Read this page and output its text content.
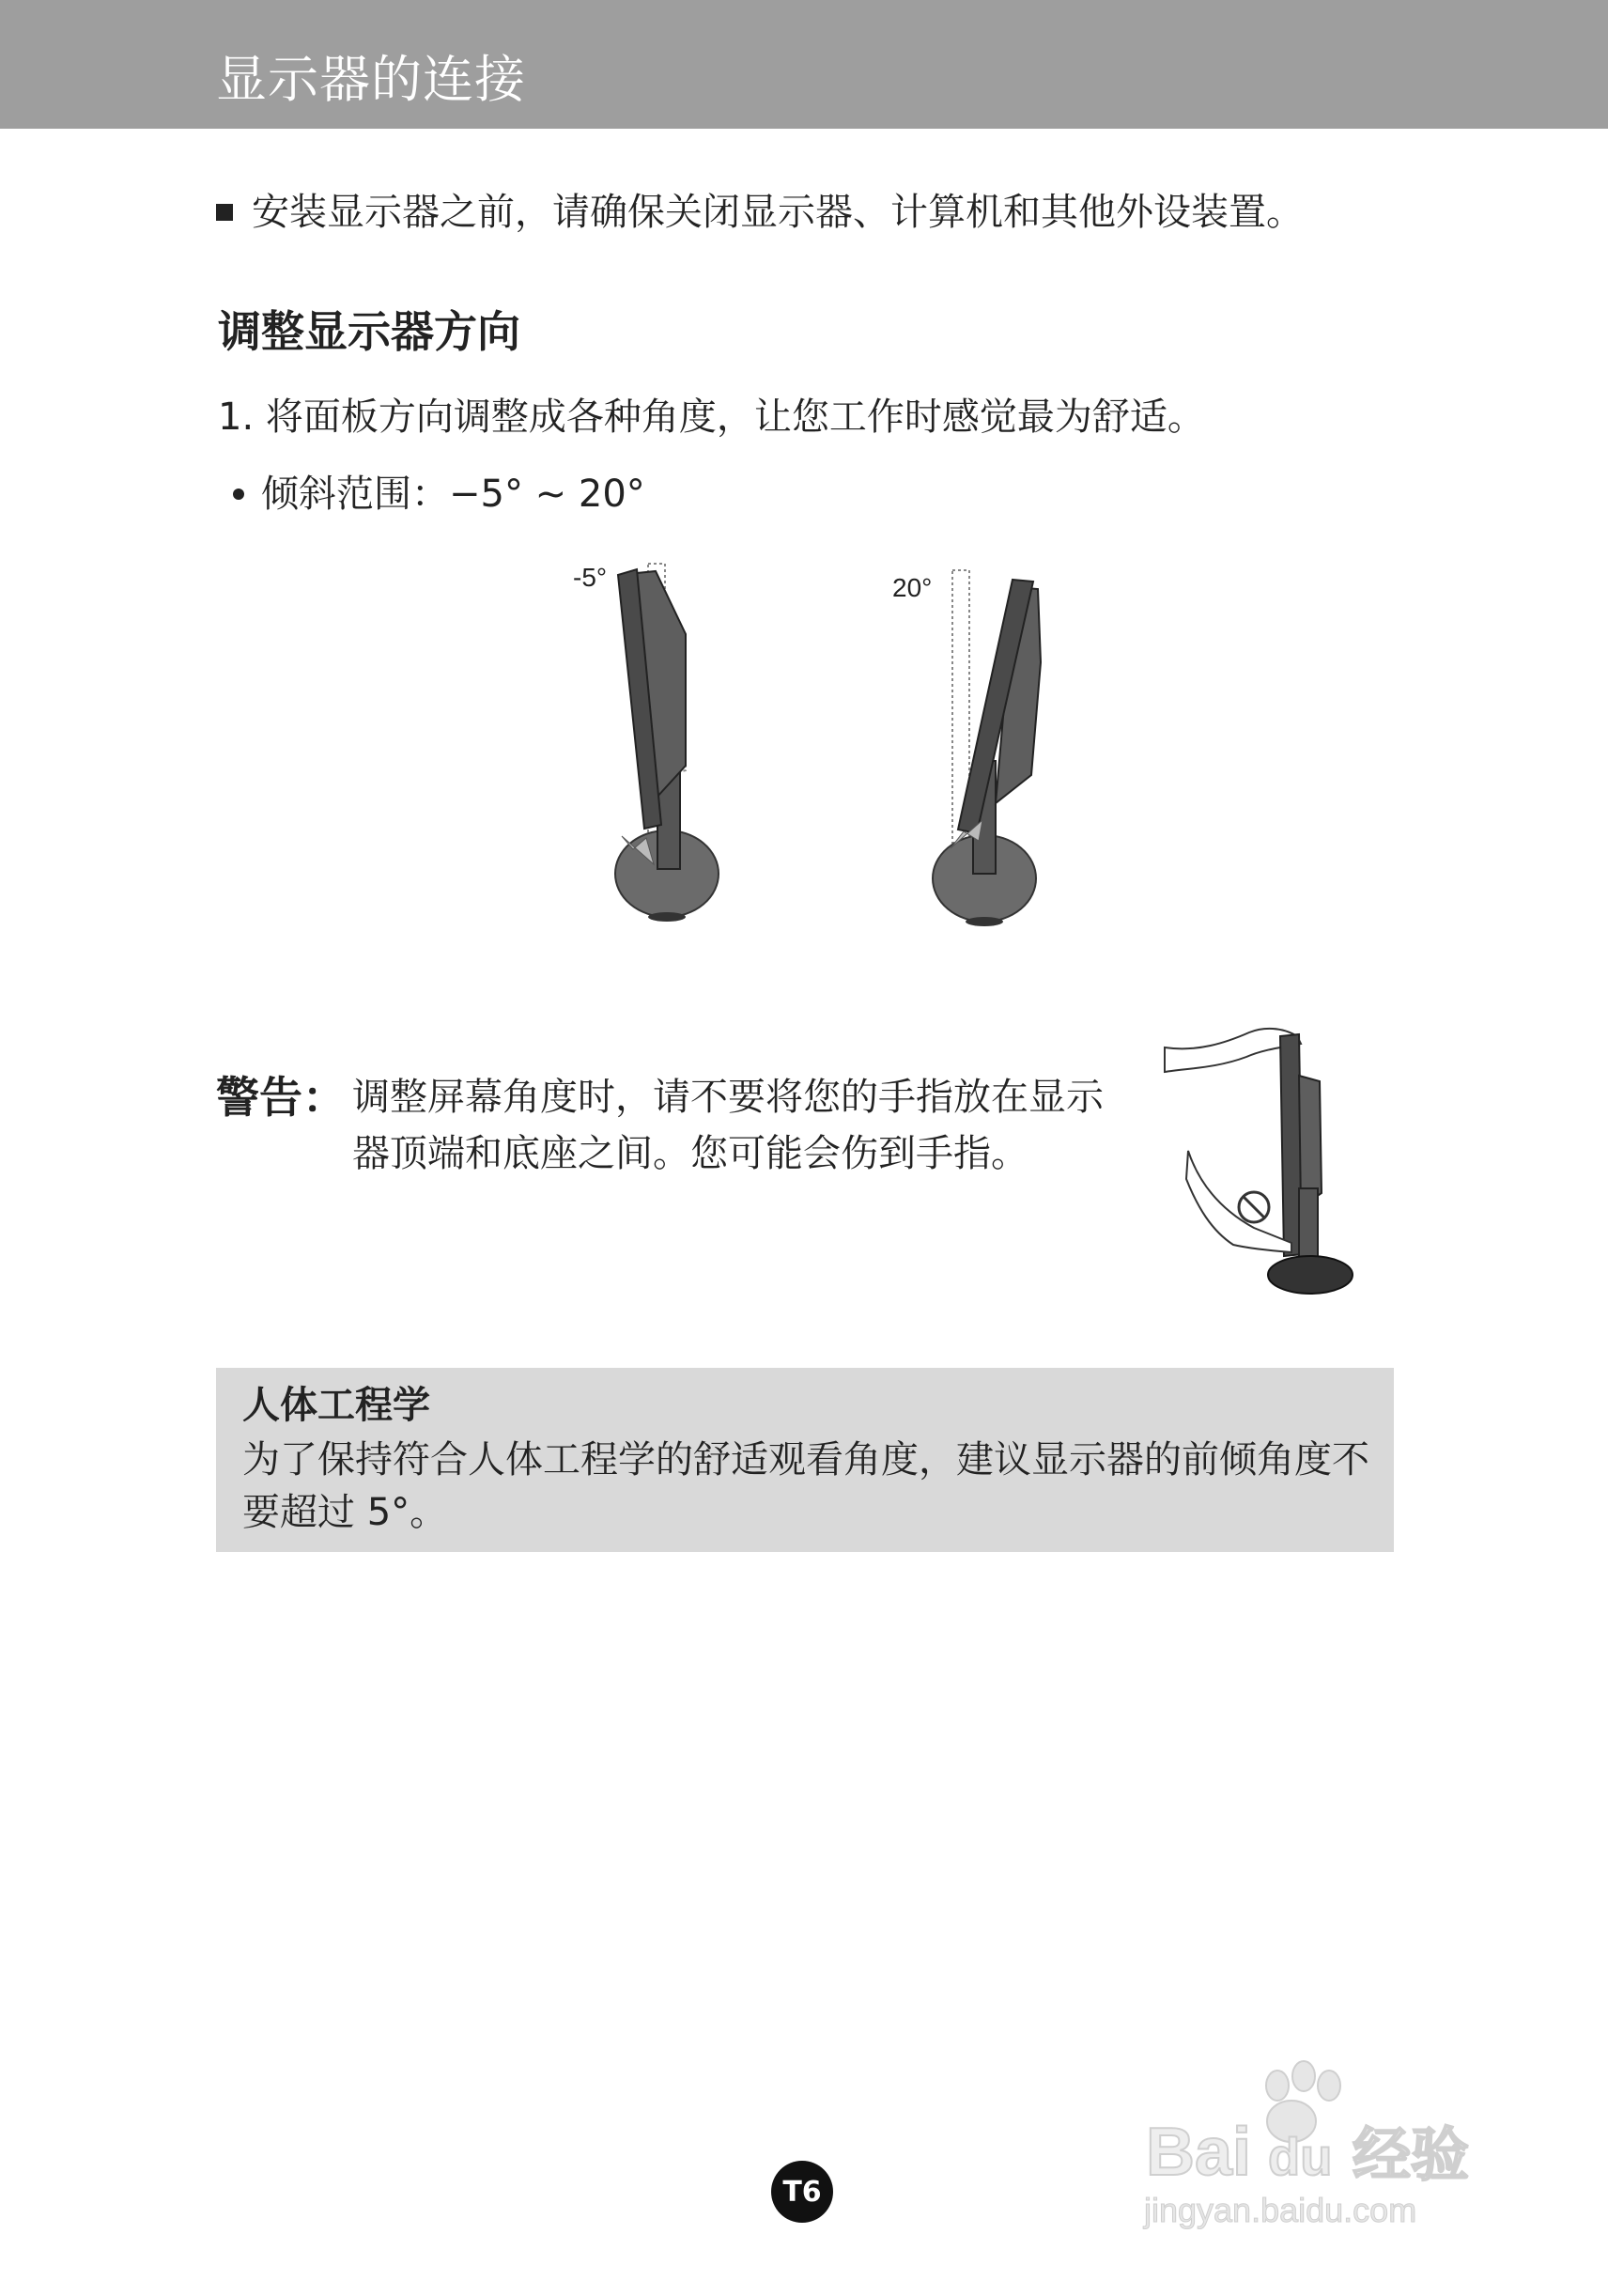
显示器的连接
安装显示器之前，请确保关闭显示器、计算机和其他外设装置。
调整显示器方向
1. 将面板方向调整成各种角度，让您工作时感觉最为舒适。
倾斜范围：−5° ~ 20°
-5°	20°
警告： 调整屏幕角度时，请不要将您的手指放在显示器顶端和底座之间。您可能会伤到手指。
人体工程学
为了保持符合人体工程学的舒适观看角度，建议显示器的前倾角度不要超过 5°。
Bai du 经验
jingyan.baidu.com
T6
